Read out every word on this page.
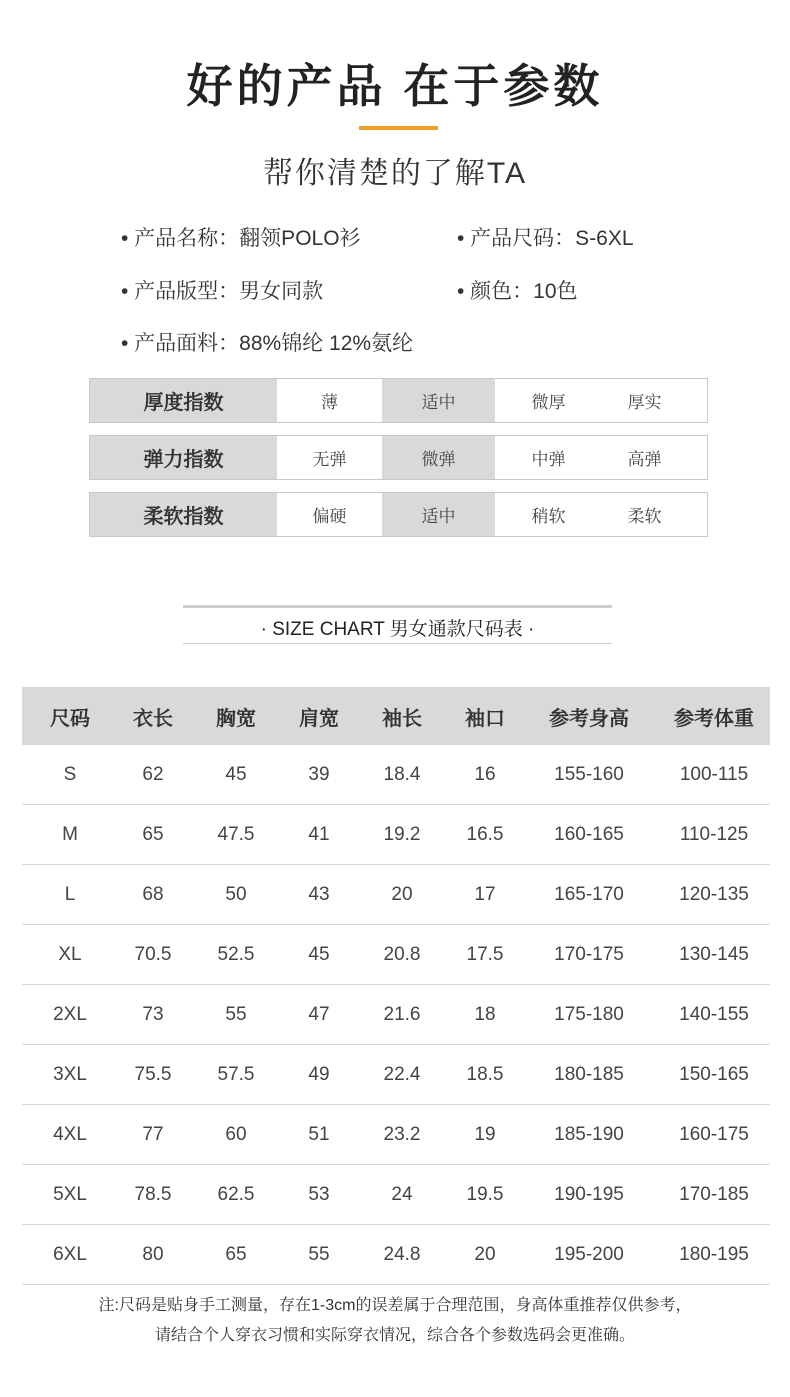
好的产品 在于参数
帮你清楚的了解TA
• 产品名称：翻领POLO衫	• 产品尺码：S-6XL
• 产品版型：男女同款	• 颜色：10色
• 产品面料：88%锦纶 12%氨纶
厚度指数	薄	适中	微厚	厚实
弹力指数	无弹	微弹	中弹	高弹
柔软指数	偏硬	适中	稍软	柔软
· SIZE CHART 男女通款尺码表 ·
尺码	衣长	胸宽	肩宽	袖长	袖口	参考身高	参考体重
S	62	45	39	18.4	16	155-160	100-115
M	65	47.5	41	19.2	16.5	160-165	110-125
L	68	50	43	20	17	165-170	120-135
XL	70.5	52.5	45	20.8	17.5	170-175	130-145
2XL	73	55	47	21.6	18	175-180	140-155
3XL	75.5	57.5	49	22.4	18.5	180-185	150-165
4XL	77	60	51	23.2	19	185-190	160-175
5XL	78.5	62.5	53	24	19.5	190-195	170-185
6XL	80	65	55	24.8	20	195-200	180-195
注:尺码是贴身手工测量，存在1-3cm的误差属于合理范围，身高体重推荐仅供参考，
请结合个人穿衣习惯和实际穿衣情况，综合各个参数选码会更准确。
